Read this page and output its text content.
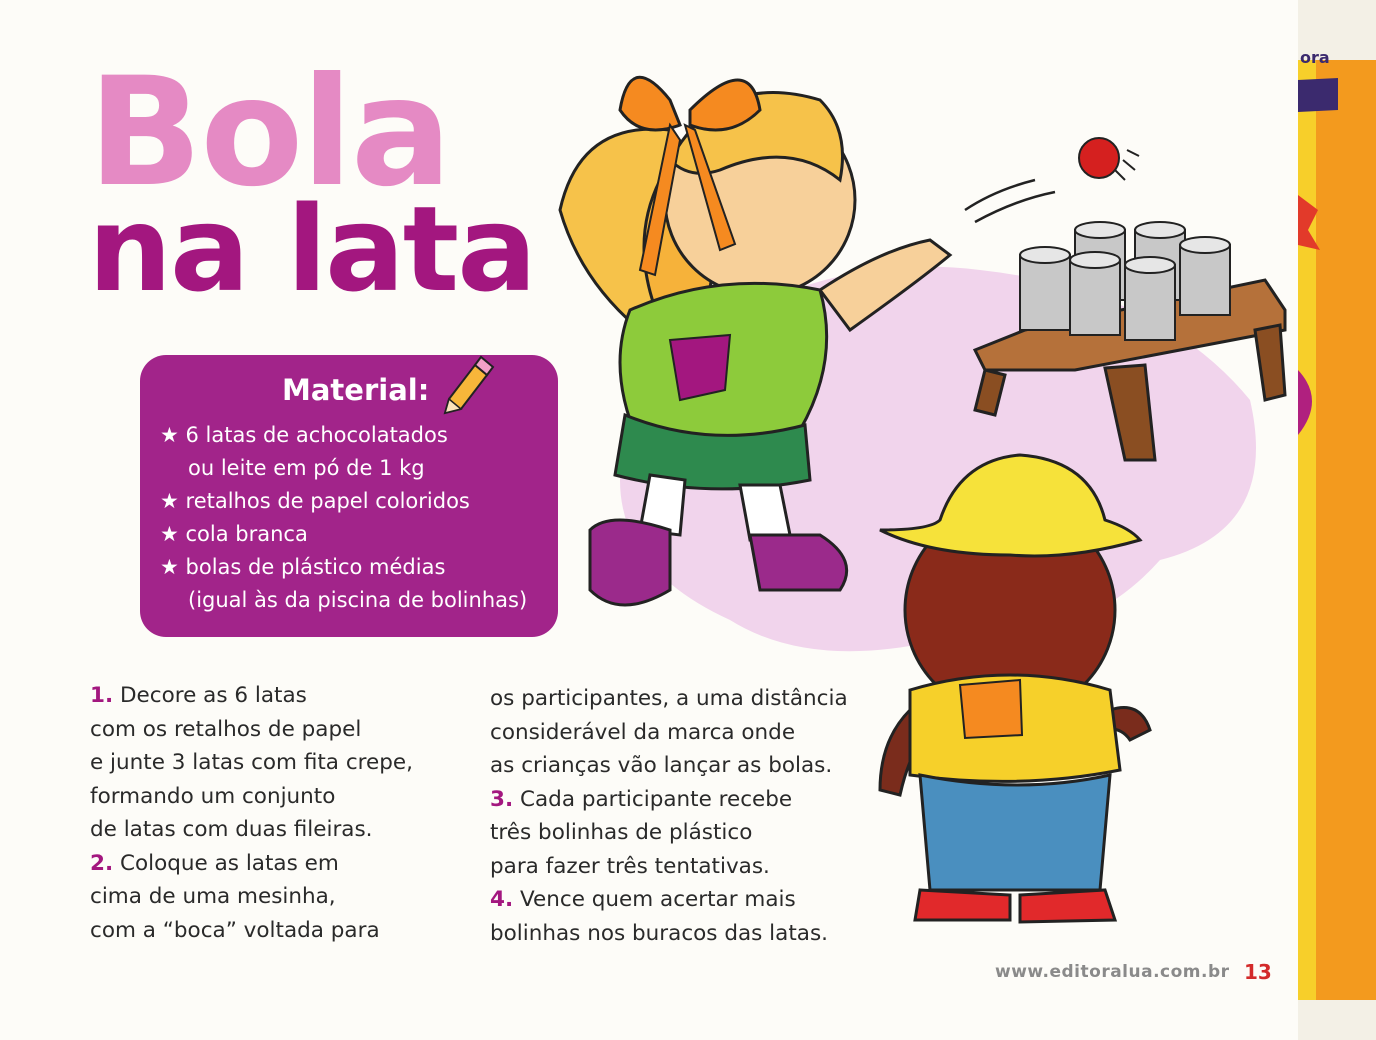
ora
Bola
na lata
Material:
★ 6 latas de achocolatados
ou leite em pó de 1 kg
★ retalhos de papel coloridos
★ cola branca
★ bolas de plástico médias
(igual às da piscina de bolinhas)

1. Decore as 6 latas

com os retalhos de papel

e junte 3 latas com fita crepe,

formando um conjunto

de latas com duas fileiras.

2. Coloque as latas em

cima de uma mesinha,

com a “boca” voltada para

os participantes, a uma distância

considerável da marca onde

as crianças vão lançar as bolas.

3. Cada participante recebe

três bolinhas de plástico

para fazer três tentativas.

4. Vence quem acertar mais

bolinhas nos buracos das latas.

www.editoralua.com.br 13
